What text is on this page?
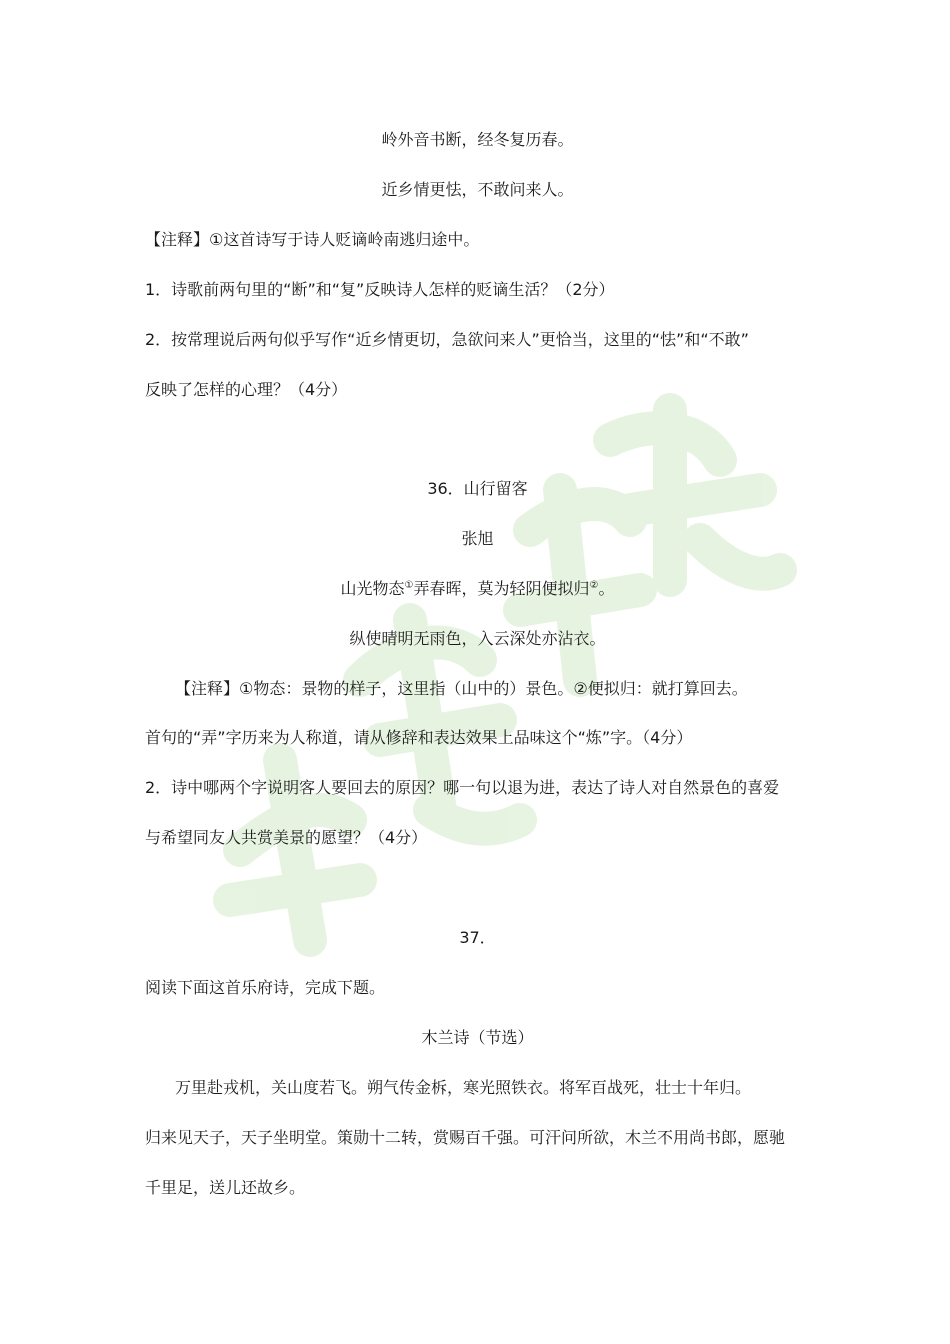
岭外音书断，经冬复历春。
近乡情更怯，不敢问来人。
【注释】①这首诗写于诗人贬谪岭南逃归途中。
1．诗歌前两句里的“断”和“复”反映诗人怎样的贬谪生活？（2分）
2．按常理说后两句似乎写作“近乡情更切，急欲问来人”更恰当，这里的“怯”和“不敢”
反映了怎样的心理？（4分）
36．山行留客
张旭
山光物态①弄春晖，莫为轻阴便拟归②。
纵使晴明无雨色，入云深处亦沾衣。
【注释】①物态：景物的样子，这里指（山中的）景色。②便拟归：就打算回去。
首句的“弄”字历来为人称道，请从修辞和表达效果上品味这个“炼”字。（4分）
2．诗中哪两个字说明客人要回去的原因？哪一句以退为进，表达了诗人对自然景色的喜爱
与希望同友人共赏美景的愿望？（4分）
37．
阅读下面这首乐府诗，完成下题。
木兰诗（节选）
万里赴戎机，关山度若飞。朔气传金柝，寒光照铁衣。将军百战死，壮士十年归。
归来见天子，天子坐明堂。策勋十二转，赏赐百千强。可汗问所欲，木兰不用尚书郎，愿驰
千里足，送儿还故乡。
